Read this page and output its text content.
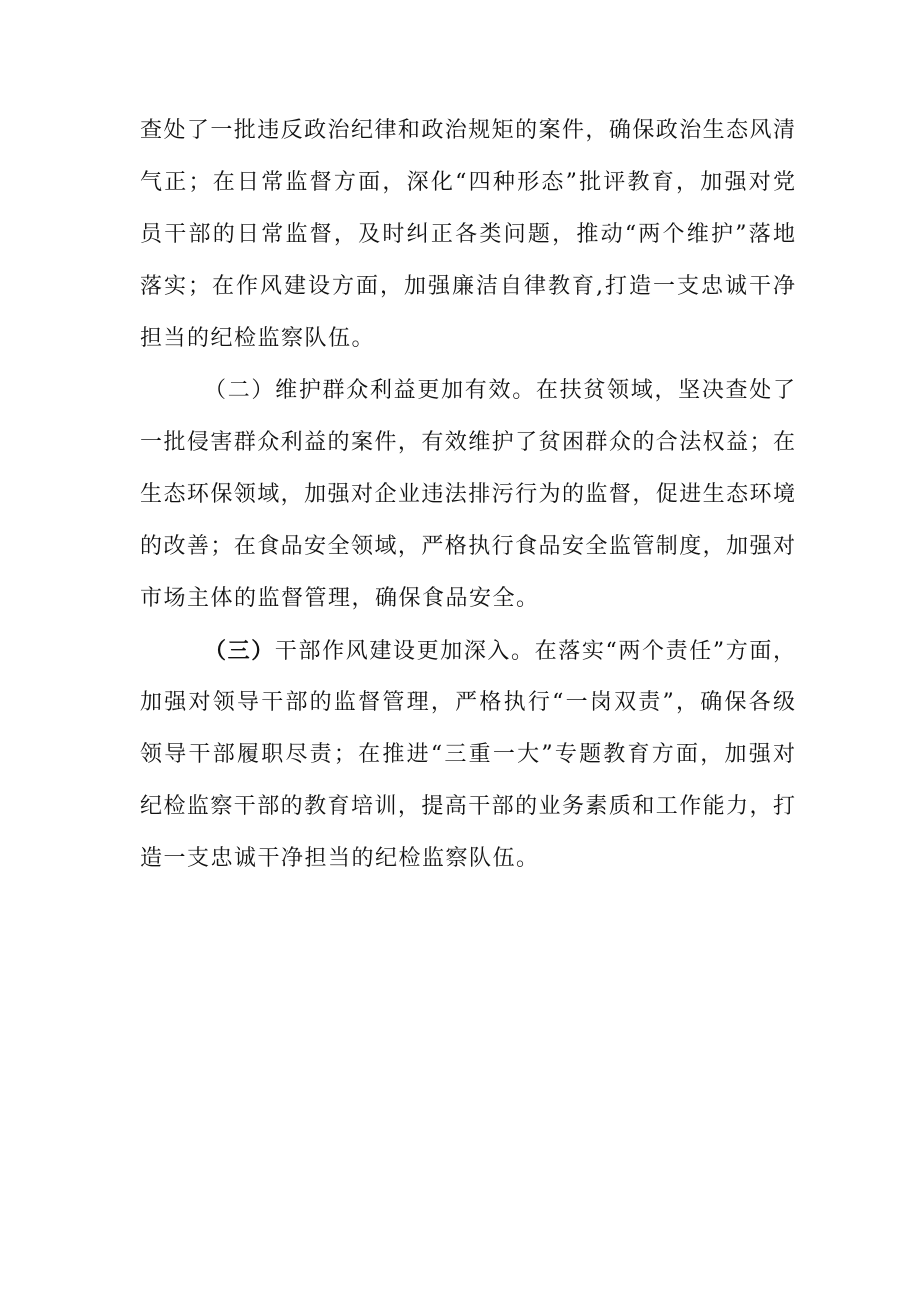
查处了一批违反政治纪律和政治规矩的案件，确保政治生态风清
气正；在日常监督方面，深化“四种形态”批评教育，加强对党
员干部的日常监督，及时纠正各类问题，推动“两个维护”落地
落实；在作风建设方面，加强廉洁自律教育,打造一支忠诚干净
担当的纪检监察队伍。
（二）维护群众利益更加有效。在扶贫领域，坚决查处了
一批侵害群众利益的案件，有效维护了贫困群众的合法权益；在
生态环保领域，加强对企业违法排污行为的监督，促进生态环境
的改善；在食品安全领域，严格执行食品安全监管制度，加强对
市场主体的监督管理，确保食品安全。
（三）干部作风建设更加深入。在落实“两个责任”方面，
加强对领导干部的监督管理，严格执行“一岗双责”，确保各级
领导干部履职尽责；在推进“三重一大”专题教育方面，加强对
纪检监察干部的教育培训，提高干部的业务素质和工作能力，打
造一支忠诚干净担当的纪检监察队伍。
